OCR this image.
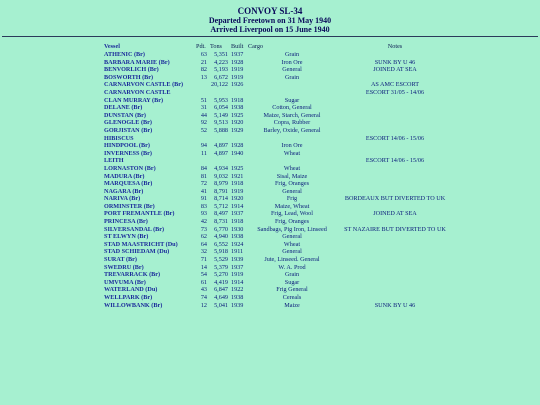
CONVOY SL-34
Departed Freetown on 31 May 1940
Arrived Liverpool on 15 June 1940
Vessel	Pdt.	Tons	Built	Cargo	Notes
ATHENIC (Br)	63	5,351	1937	Grain	
BARBARA MARIE (Br)	21	4,223	1928	Iron Ore	SUNK BY U 46
BENVORLICH (Br)	82	5,193	1919	General	JOINED AT SEA
BOSWORTH (Br)	13	6,672	1919	Grain	
CARNARVON CASTLE (Br)		20,122	1926		AS AMC ESCORT
CARNARVON CASTLE					ESCORT 31/05 - 14/06
CLAN MURRAY (Br)	51	5,953	1918	Sugar	
DELANE (Br)	31	6,054	1938	Cotton, General	
DUNSTAN (Br)	44	5,149	1925	Maize, Starch, General	
GLENOGLE (Br)	92	9,513	1920	Copra, Rubber	
GORJISTAN (Br)	52	5,888	1929	Barley, Oxide, General	
HIBISCUS					ESCORT 14/06 - 15/06
HINDPOOL (Br)	94	4,897	1928	Iron Ore	
INVERNESS (Br)	11	4,897	1940	Wheat	
LEITH					ESCORT 14/06 - 15/06
LORNASTON (Br)	84	4,934	1925	Wheat	
MADURA (Br)	81	9,032	1921	Sisal, Maize	
MARQUESA (Br)	72	8,979	1918	Frig, Oranges	
NAGARA (Br)	41	8,791	1919	General	
NARIVA (Br)	91	8,714	1920	Frig	BORDEAUX BUT DIVERTED TO UK
ORMINSTER (Br)	83	5,712	1914	Maize, Wheat	
PORT FREMANTLE (Br)	93	8,497	1937	Frig, Lead, Wool	JOINED AT SEA
PRINCESA (Br)	42	8,731	1918	Frig, Oranges	
SILVERSANDAL (Br)	73	6,770	1930	Sandbags, Pig Iron, Linseed	ST NAZAIRE BUT DIVERTED TO UK
ST ELWYN (Br)	62	4,940	1938	General	
STAD MAASTRICHT (Du)	64	6,552	1924	Wheat	
STAD SCHIEDAM (Du)	32	5,918	1911	General	
SURAT (Br)	71	5,529	1939	Jute, Linseed. General	
SWEDRU (Br)	14	5,379	1937	W. A. Prod	
TREVARRACK (Br)	54	5,270	1919	Grain	
UMVUMA (Br)	61	4,419	1914	Sugar	
WATERLAND (Du)	43	6,847	1922	Frig General	
WELLPARK (Br)	74	4,649	1938	Cereals	
WILLOWBANK (Br)	12	5,041	1939	Maize	SUNK BY U 46
